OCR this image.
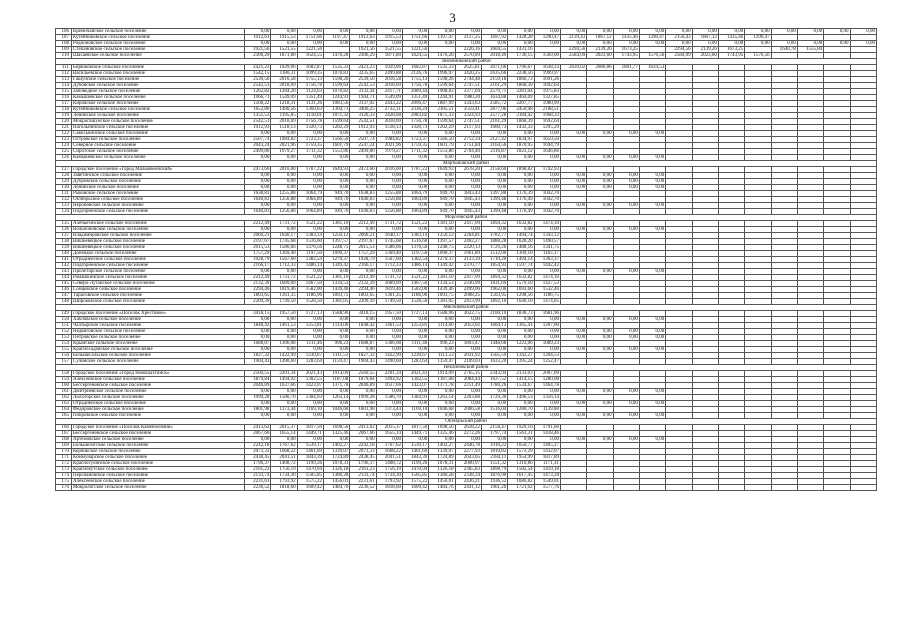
3
106	Криничанское сельское поселение	0,00	0,00	0,00	0,00	0,00	0,00	0,00	0,00	0,00	0,00	0,00	0,00	0,00	0,00	0,00	0,00	0,00	0,00	0,00	0,00	0,00	0,00	0,00	0,00
107	Кутейниковское сельское поселение	1912,63	1915,53	1751,66	1197,47	1912,63	1915,53	1751,66	1197,47	2117,25	1697,92	1428,28	1290,47	2139,43	1867,12	1435,46	1290,47	2150,43	1867,12	1435,46	1290,47				
108	Родионовское сельское поселение	0,00	0,00	0,00	0,00	0,00	0,00	0,00	0,00	0,00	0,00	0,00	0,00	0,00	0,00	0,00	0,00	0,00	0,00	0,00	0,00	0,00	0,00	0,00	0,00
109	Степановское сельское поселение	1921,56	1521,55	1221,56		1921,56	1521,55	1221,56		2226,16	1604,55	1431,16		2294,56	2139,26	1673,25		2294,56	2139,26	1673,25		1640,78	1555,84		
110	Шахаевское сельское поселение	2306,29	1871,80	1624,55	1476,20	2306,29	1871,80	1624,55	1476,20	2570,89	2018,49	1736,15	1569,00	2584,09	2023,60	1743,95	1576,56	2584,09	2023,60	1743,95	1576,56				
Зимовниковский район																									
111	Бирюковское сельское поселение	2421,23	1929,06	1682,87	1535,33	2421,23	1929,06	1682,87	1535,33	2625,81	2071,66	1796,67	1638,33	2639,02	2080,86	1801,77	1634,53								
112	Васильевское сельское поселение	1542,15	1180,31	1099,35	1070,83	3235,65	2499,88	2126,76	1996,97	3420,25	2635,66	2238,56	1999,97												
113	Гашунское сельское поселение	2539,50	2016,58	1755,13	1598,26	2539,50	2016,58	1755,13	1598,26	2744,48	2159,18	1866,73	1691,26												
114	Дубовское сельское поселение	2542,53	2018,69	1756,78	1599,64	2542,53	2018,69	1756,78	1599,64	2747,51	2161,29	1868,39	1692,64												
115	Заповедное сельское поселение	1262,82	1284,20	1124,63	1076,82	3132,44	2417,71	2089,44	1908,83	3377,04	2579,71	2281,04	1975,83												
116	Камышевское сельское поселение	1966,71	1549,09	1351,49	1244,91	1944,71	1549,09	1351,49	1244,91	1980,20	1634,88	1464,09	1327,85												
117	Кировское сельское поселение	1568,22	1218,31	1131,26	1083,56	3137,02	2443,22	2096,47	1887,99	3343,63	2585,72	2207,77	1980,99												
118	Кутейниковское сельское поселение	1652,86	1490,56	1369,63	1304,71	3406,25	2732,31	2336,24	2105,51	3559,41	2877,96	2450,98	2188,51												
119	Ленинское сельское поселение	1351,53	1195,85	1118,01	1071,32	3120,33	2428,68	2083,82	1875,33	3324,93	2577,28	2184,42	1968,33												
120	Мокрогашунское сельское поселение	2542,51	2018,69	1756,78	1599,64	2542,51	2018,69	1756,78	1599,64	2747,51	2161,29	1868,39	1692,64												
121	Нагольнинское сельское поселение	1912,93	1518,13	1320,73	1202,29	1912,93	1518,13	1320,73	1202,29	2117,93	1660,73	1432,33	1295,29												
122	Савоськинское сельское поселение	0,00	0,00	0,00	0,00	0,00	0,00	0,00	0,00	0,00	0,00	0,00	0,00	0,00	0,00	0,00	0,00								
123	Островское сельское поселение	2507,74	1984,82	1723,37	1566,50	2507,74	1984,82	1723,37	1566,50	2712,34	2127,42	1834,97	1659,50												
124	Северное сельское поселение	2043,24	2021,96	1759,35	1601,79	2547,24	2021,96	1759,35	1601,79	2751,84	2164,56	1870,95	1694,79												
125	Сиротское сельское поселение	2499,80	1979,27	1711,32	1553,86	2499,80	1979,27	1711,32	1553,86	2704,40	2116,87	1823,12	1646,86												
126	Камышевское сельское поселение	0,00	0,00	0,00	0,00	0,00	0,00	0,00	0,00	0,00	0,00	0,00	0,00	0,00	0,00	0,00	0,00								
Мартыновский район																									
127	Городское поселение «Город Малыовеонский»	2473,60	2016,00	1787,22	1649,93	2473,60	2016,00	1787,22	1649,93	2678,20	2158,60	1898,82	1742,93												
128	Заветинское сельское поселение	0,00	0,00	0,00	0,00	0,00	0,00	0,00	0,00	0,00	0,00	0,00	0,00	0,00	0,00	0,00	0,00								
129	Дубровское сельское поселение	0,00	0,00	0,00	0,00	0,00	0,00	0,00	0,00	0,00	0,00	0,00	0,00	0,00	0,00	0,00	0,00								
130	Ленинское сельское поселение	0,00	0,00	0,00	0,00	0,00	0,00	0,00	0,00	0,00	0,00	0,00	0,00	0,00	0,00	0,00	0,00								
131	Рыковское сельское поселение	1638,83	1255,88	1064,79	949,70	1638,83	1255,88	1064,79	949,70	1843,43	1397,88	1176,39	1042,70												
132	Октябрьское сельское поселение	1640,83	1256,88	1064,89	949,70	1640,83	1256,88	1064,89	949,70	1845,43	1399,48	1176,49	1042,70												
133	Нероновское сельское поселение	0,00	0,00	0,00	0,00	0,00	0,00	0,00	0,00	0,00	0,00	0,00	0,00	0,00	0,00	0,00	0,00								
134	Подгорненское сельское поселение	1640,83	1256,88	1064,89	949,70	1640,83	1256,88	1064,89	949,70	1845,43	1399,48	1176,49	1042,70												
Морозовский район																									
135	Алебыгинское сельское поселение	2212,49	1731,72	1521,22	1381,10	2212,49	1731,72	1521,22	1381,10	2417,09	1894,32	1632,82	1474,10												
136	Вольноновское сельское поселение	0,00	0,00	0,00	0,00	0,00	0,00	0,00	0,00	0,00	0,00	0,00	0,00	0,00	0,00	0,00	0,00								
137	Владимировское сельское поселение	2060,21	1640,17	1383,14	1250,12	2060,21	1640,17	1383,14	1250,12	2264,81	1782,77	1494,74	1343,12												
138	Вишневецкое сельское поселение	2197,67	1745,68	1516,60	1397,57	2197,67	1745,68	1516,60	1397,57	2402,27	1888,28	1628,20	1490,57												
139	Вишневецкое сельское поселение	2015,53	1586,66	1376,56	1248,75	2015,53	1586,66	1376,56	1248,75	2220,13	1729,26	1488,16	1341,75												
140	Донецкое сельское поселение	1757,29	1369,40	1197,50	1090,37	1757,29	1369,40	1197,50	1090,37	1961,89	1512,00	1309,10	1183,37												
141	Отрадненское сельское поселение	1928,79	1567,60	1382,54	1270,37	1928,79	1567,60	1382,54	1270,37	2133,39	1710,20	1494,14	1363,37												
142	Подгорненское сельское поселение	2166,17	1712,33	1486,14	1349,42	2166,17	1712,33	1486,14	1349,42	2370,77	1854,93	1597,74	1442,42												
143	Пролетарское сельское поселение	0,00	0,00	0,00	0,00	0,00	0,00	0,00	0,00	0,00	0,00	0,00	0,00	0,00	0,00	0,00	0,00								
144	Ромашкинское сельское поселение	2212,49	1731,72	1521,22	1381,10	2212,49	1731,72	1521,22	1381,10	2417,09	1894,32	1632,82	1474,10												
145	Северо-Луганское сельское поселение	2132,39	1689,09	1467,50	1334,53	2132,39	1689,09	1467,50	1334,53	2336,99	1831,69	1579,10	1427,53												
146	Сонцевское сельское поселение	2294,46	1819,46	1582,00	1439,46	2294,46	1819,46	1582,00	1439,46	2499,06	1962,06	1693,60	1532,46												
147	Тарасовское сельское поселение	1803,65	1361,35	1186,96	1093,75	1803,65	1361,35	1186,96	1093,75	2008,25	1503,95	1298,56	1186,75												
148	Широковское сельское поселение	2209,39	1749,50	1528,50	1381,05	2209,39	1749,50	1528,50	1381,05	2413,99	1892,10	1640,10	1474,05												
Мясниковский район																									
149	Городское поселение «Поселок Хрестовое»	3418,15	1957,50	1727,13	1588,96	3418,15	1957,50	1727,13	1588,96	3622,75	2100,10	1838,73	1681,96												
150	Хабловское сельское поселение	0,00	0,00	0,00	0,00	0,00	0,00	0,00	0,00	0,00	0,00	0,00	0,00	0,00	0,00	0,00	0,00								
151	Чалтырское сельское поселение	1848,42	1461,53	1253,81	1114,00	1848,42	1461,53	1253,81	1114,00	2053,02	1604,13	1365,41	1207,00												
152	Недвиговское сельское поселение	0,00	0,00	0,00	0,00	0,00	0,00	0,00	0,00	0,00	0,00	0,00	0,00	0,00	0,00	0,00	0,00								
153	Петровское сельское поселение	0,00	0,00	0,00	0,00	0,00	0,00	0,00	0,00	0,00	0,00	0,00	0,00	0,00	0,00	0,00	0,00								
154	Крымское сельское поселение	1688,87	1306,08	1111,46	996,23	1688,87	1306,08	1111,46	996,23	1893,47	1448,68	1223,06	1089,23												
155	Красносадовское сельское поселение	0,00	0,00	0,00	0,00	0,00	0,00	0,00	0,00	0,00	0,00	0,00	0,00	0,00	0,00	0,00	0,00								
156	Большесальское сельское поселение	1827,32	1422,99	1230,67	1111,53	1827,32	1422,99	1230,67	1111,53	2031,92	1565,59	1342,27	1204,53												
157	Сулинское сельское поселение	1904,43	1490,60	1283,64	1159,47	1904,43	1490,60	1283,64	1159,47	2109,03	1633,20	1395,24	1252,47												
Неклиновский район																									
158	Городское поселение «Город Новошахтинск»	2560,55	2201,34	2021,43	1914,09	2560,55	2201,34	2021,43	1914,09	2765,15	2343,94	2133,03	2007,09												
159	Алексеевское сельское поселение	1879,84	1494,92	1302,55	1187,08	1879,84	1494,92	1302,55	1187,08	2084,44	1637,52	1414,15	1280,08												
160	Бессергеневское сельское поселение	2046,89	1637,66	1423,07	1371,78	2046,89	1637,66	1423,07	1371,78	2251,49	1780,26	1534,67	1464,78												
161	Дмитриевское сельское поселение	0,00	0,00	0,00	0,00	0,00	0,00	0,00	0,00	0,00	0,00	0,00	0,00	0,00	0,00	0,00	0,00								
162	Лысогорское сельское поселение	1999,28	1586,70	1384,93	1263,14	1999,28	1586,70	1384,93	1263,14	2203,88	1729,30	1496,53	1356,14												
163	Отрадненское сельское поселение	0,00	0,00	0,00	0,00	0,00	0,00	0,00	0,00	0,00	0,00	0,00	0,00	0,00	0,00	0,00	0,00								
164	Федоровское сельское поселение	1801,98	1373,44	1169,10	1046,68	1801,98	1373,44	1169,10	1046,68	2006,58	1516,04	1280,70	1139,68												
165	Покровское сельское поселение	0,00	0,00	0,00	0,00	0,00	0,00	0,00	0,00	0,00	0,00	0,00	0,00	0,00	0,00	0,00	0,00								
Октябрьский район																									
166	Городское поселение «Поселок Каменоломни»	2413,62	2015,37	1817,50	1698,56	2413,62	2015,37	1817,50	1698,56	2618,22	2158,47	1929,10	1791,66												
167	Бессергеневское сельское поселение	2067,66	1655,14	1449,71	1325,46	2067,66	1655,14	1449,71	1325,46	2272,26	1797,74	1561,31	1418,46												
168	Артемовское сельское поселение	0,00	0,00	0,00	0,00	0,00	0,00	0,00	0,00	0,00	0,00	0,00	0,00	0,00	0,00	0,00	0,00								
169	Большелогское сельское поселение	2242,18	1767,62	1539,17	1402,27	2242,18	1767,62	1539,17	1402,27	2446,78	1910,22	1650,77	1495,27												
170	Керчикское сельское поселение	2073,33	1668,22	1461,69	1339,07	2073,33	1668,22	1461,69	1339,07	2277,93	1810,82	1573,29	1432,07												
171	Коммунарское сельское поселение	2438,45	2041,51	1843,39	1724,89	2438,45	2041,51	1843,39	1724,89	2643,05	2184,11	1954,99	1817,89												
172	Красносулинское сельское поселение	1796,37	1408,72	1199,26	1078,31	1796,37	1408,72	1199,26	1078,31	2000,97	1551,32	1310,86	1171,31												
173	Краснокутское сельское поселение	2161,23	1756,19	1470,94	1326,18	2161,23	1756,19	1470,94	1326,18	2365,83	1898,79	1582,54	1419,18												
174	Персиановское сельское поселение	2133,74	1734,30	1505,85	1380,28	2133,74	1734,30	1505,85	1380,28	2338,34	1876,90	1617,45	1473,28												
175	Алексеевское сельское поселение	2231,61	1793,92	1575,22	1456,01	2231,61	1793,92	1575,22	1456,01	2436,21	1936,52	1686,82	1549,01												
176	Мокрологское сельское поселение	2236,52	1818,60	1609,42	1484,76	2236,52	1818,60	1609,42	1484,76	2441,12	1961,20	1721,02	1577,76												
